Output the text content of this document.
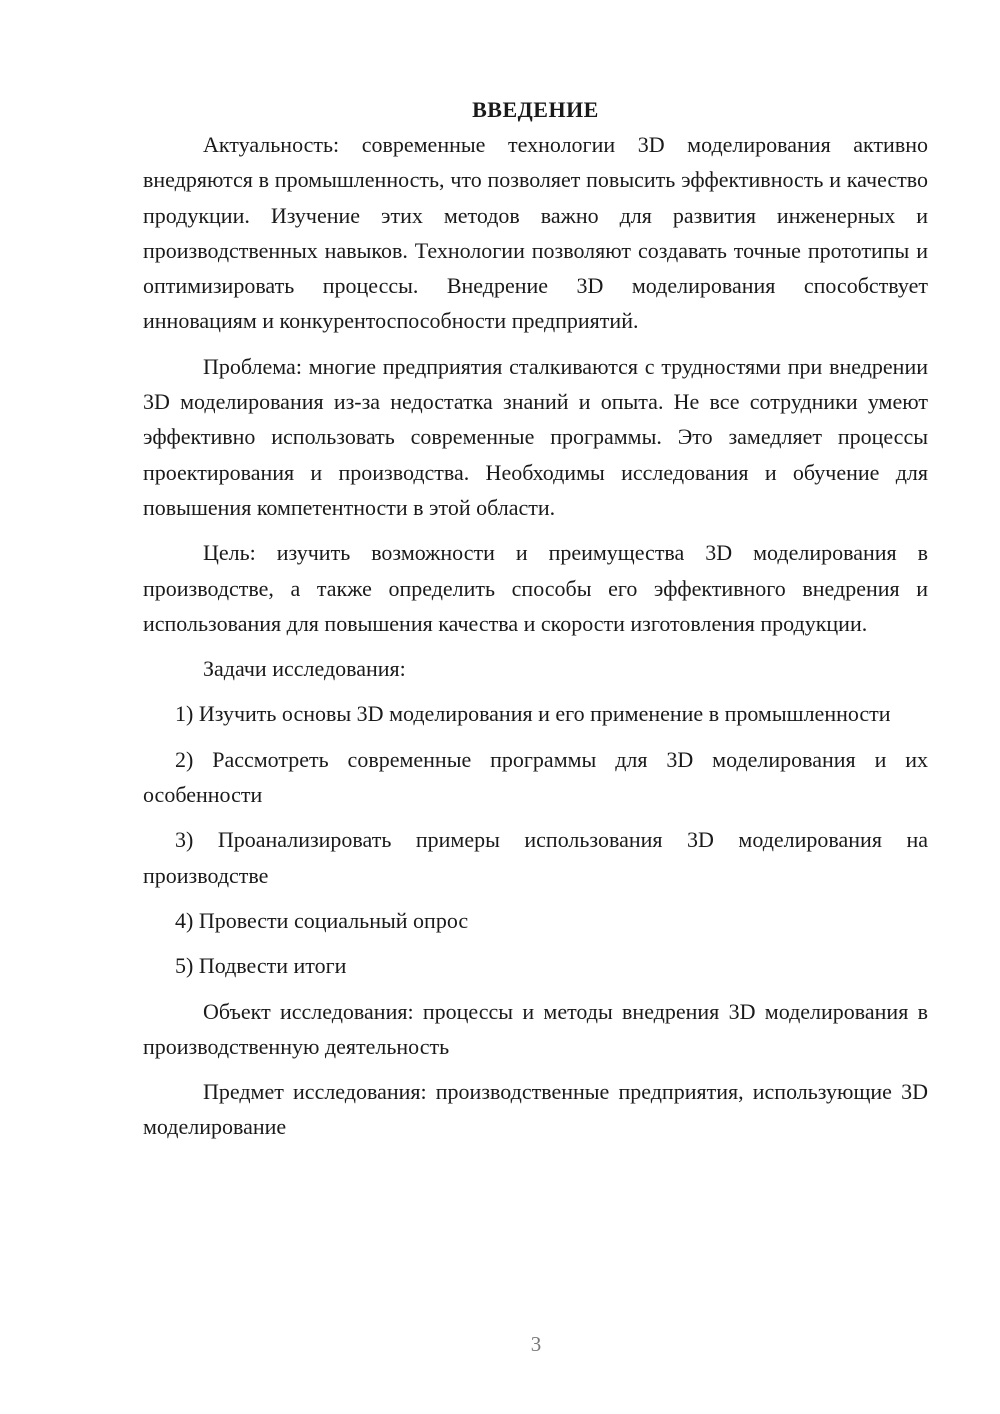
ВВЕДЕНИЕ

Актуальность: современные технологии 3D моделирования активно внедряются в промышленность, что позволяет повысить эффективность и качество продукции. Изучение этих методов важно для развития инженерных и производственных навыков. Технологии позволяют создавать точные прототипы и оптимизировать процессы. Внедрение 3D моделирования способствует инновациям и конкурентоспособности предприятий.

Проблема: многие предприятия сталкиваются с трудностями при внедрении 3D моделирования из-за недостатка знаний и опыта. Не все сотрудники умеют эффективно использовать современные программы. Это замедляет процессы проектирования и производства. Необходимы исследования и обучение для повышения компетентности в этой области.

Цель: изучить возможности и преимущества 3D моделирования в производстве, а также определить способы его эффективного внедрения и использования для повышения качества и скорости изготовления продукции.

Задачи исследования:

1) Изучить основы 3D моделирования и его применение в промышленности

2) Рассмотреть современные программы для 3D моделирования и их особенности

3) Проанализировать примеры использования 3D моделирования на производстве

4) Провести социальный опрос

5) Подвести итоги

Объект исследования: процессы и методы внедрения 3D моделирования в производственную деятельность

Предмет исследования: производственные предприятия, использующие 3D моделирование

3
